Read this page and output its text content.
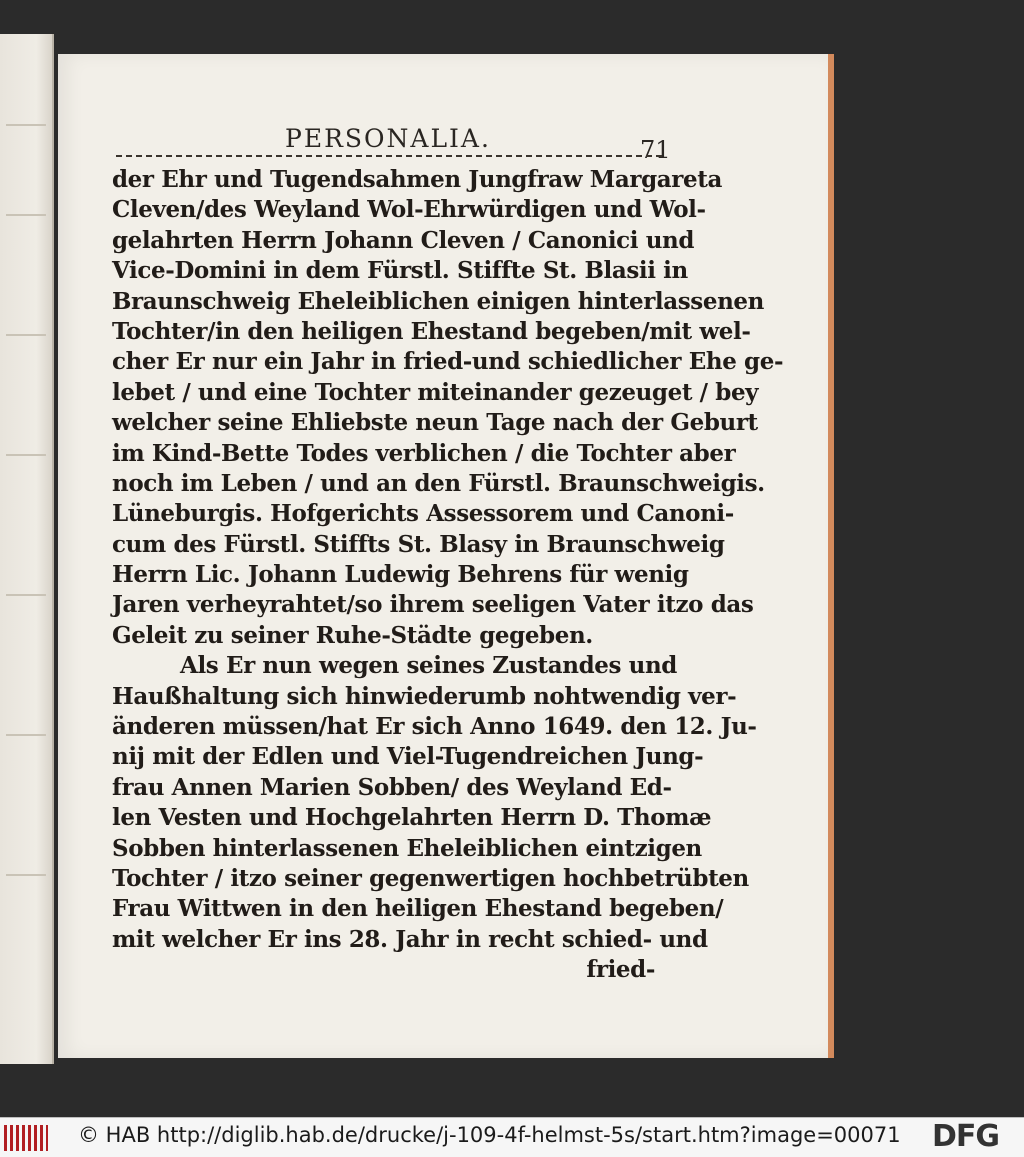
PERSONALIA.	71
der Ehr und Tugendsahmen Jungfraw Margareta
Cleven/des Weyland Wol-Ehrwürdigen und Wol-
gelahrten Herrn Johann Cleven / Canonici und
Vice-Domini in dem Fürstl. Stiffte St. Blasii in
Braunschweig Eheleiblichen einigen hinterlassenen
Tochter/in den heiligen Ehestand begeben/mit wel-
cher Er nur ein Jahr in fried-und schiedlicher Ehe ge-
lebet / und eine Tochter miteinander gezeuget / bey
welcher seine Ehliebste neun Tage nach der Geburt
im Kind-Bette Todes verblichen / die Tochter aber
noch im Leben / und an den Fürstl. Braunschweigis.
Lüneburgis. Hofgerichts Assessorem und Canoni-
cum des Fürstl. Stiffts St. Blasy in Braunschweig
Herrn Lic. Johann Ludewig Behrens für wenig
Jaren verheyrahtet/so ihrem seeligen Vater itzo das
Geleit zu seiner Ruhe-Städte gegeben.
Als Er nun wegen seines Zustandes und
Haußhaltung sich hinwiederumb nohtwendig ver-
änderen müssen/hat Er sich Anno 1649. den 12. Ju-
nij mit der Edlen und Viel-Tugendreichen Jung-
frau Annen Marien Sobben/ des Weyland Ed-
len Vesten und Hochgelahrten Herrn D. Thomæ
Sobben hinterlassenen Eheleiblichen eintzigen
Tochter / itzo seiner gegenwertigen hochbetrübten
Frau Wittwen in den heiligen Ehestand begeben/
mit welcher Er ins 28. Jahr in recht schied- und
fried-
© HAB http://diglib.hab.de/drucke/j-109-4f-helmst-5s/start.htm?image=00071 DFG
